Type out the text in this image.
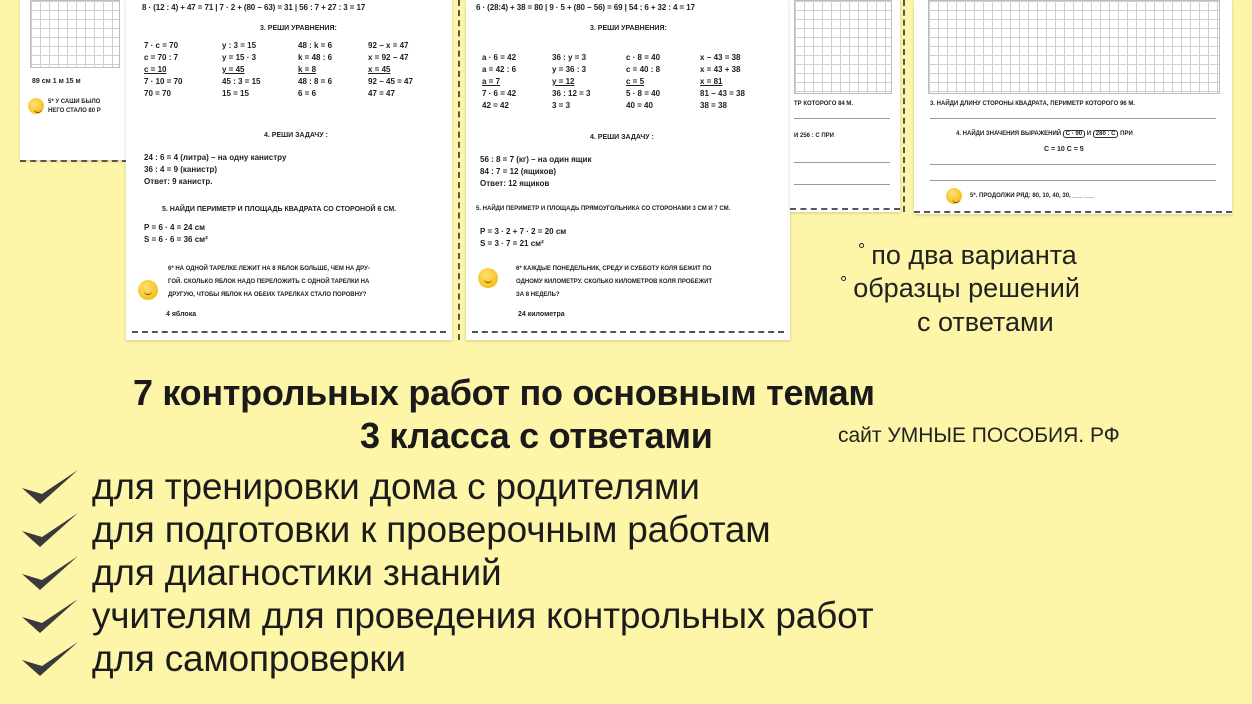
89 см 1 м 15 м
5* У САШИ БЫЛО
НЕГО СТАЛО 80 Р
8 · (12 : 4) + 47 = 71 | 7 · 2 + (80 − 63) = 31 | 56 : 7 + 27 : 3 = 17
3. РЕШИ УРАВНЕНИЯ:
7 · с = 70
с = 70 : 7
с = 10
7 · 10 = 70
70 = 70
у : 3 = 15
у = 15 · 3
у = 45
45 : 3 = 15
15 = 15
48 : k = 6
k = 48 : 6
k = 8
48 : 8 = 6
6 = 6
92 − x = 47
x = 92 − 47
x = 45
92 − 45 = 47
47 = 47
4. РЕШИ ЗАДАЧУ :
24 : 6 = 4 (литра) – на одну канистру
36 : 4 = 9 (канистр)
Ответ: 9 канистр.
5. НАЙДИ ПЕРИМЕТР И ПЛОЩАДЬ КВАДРАТА СО СТОРОНОЙ 6 СМ.
Р = 6 · 4 = 24 см
S = 6 · 6 = 36 см²
6* НА ОДНОЙ ТАРЕЛКЕ ЛЕЖИТ НА 8 ЯБЛОК БОЛЬШЕ, ЧЕМ НА ДРУ-
ГОЙ. СКОЛЬКО ЯБЛОК НАДО ПЕРЕЛОЖИТЬ С ОДНОЙ ТАРЕЛКИ НА
ДРУГУЮ, ЧТОБЫ ЯБЛОК НА ОБЕИХ ТАРЕЛКАХ СТАЛО ПОРОВНУ?
4 яблока

6 · (28:4) + 38 = 80 | 9 · 5 + (80 − 56) = 69 | 54 : 6 + 32 : 4 = 17
3. РЕШИ УРАВНЕНИЯ:
a · 6 = 42
a = 42 : 6
a = 7
7 · 6 = 42
42 = 42
36 : у = 3
у = 36 : 3
у = 12
36 : 12 = 3
3 = 3
с · 8 = 40
с = 40 : 8
с = 5
5 · 8 = 40
40 = 40
x − 43 = 38
x = 43 + 38
x = 81
81 − 43 = 38
38 = 38
4. РЕШИ ЗАДАЧУ :
56 : 8 = 7 (кг) – на один ящик
84 : 7 = 12 (ящиков)
Ответ: 12 ящиков
5. НАЙДИ ПЕРИМЕТР И ПЛОЩАДЬ ПРЯМОУГОЛЬНИКА СО СТОРОНАМИ 3 СМ И 7 СМ.
Р = 3 · 2 + 7 · 2 = 20 см
S = 3 · 7 = 21 см²
6* КАЖДЫЕ ПОНЕДЕЛЬНИК, СРЕДУ И СУББОТУ КОЛЯ БЕЖИТ ПО
ОДНОМУ КИЛОМЕТРУ. СКОЛЬКО КИЛОМЕТРОВ КОЛЯ ПРОБЕЖИТ
ЗА 8 НЕДЕЛЬ?
24 километра
ТР КОТОРОГО 84 М.
И 256 : С ПРИ
3. НАЙДИ ДЛИНУ СТОРОНЫ КВАДРАТА, ПЕРИМЕТР КОТОРОГО 96 М.
4. НАЙДИ ЗНАЧЕНИЯ ВЫРАЖЕНИЙ С · 90 И 280 : С ПРИ
С = 10 С = 5
5*. ПРОДОЛЖИ РЯД: 80, 10, 40, 30, ___ ___
° по два варианта
° образцы решений
с ответами
7 контрольных работ по основным темам
3 класса с ответами	сайт УМНЫЕ ПОСОБИЯ. РФ
для тренировки дома с родителями
для подготовки к проверочным работам
для диагностики знаний
учителям для проведения контрольных работ
для самопроверки
